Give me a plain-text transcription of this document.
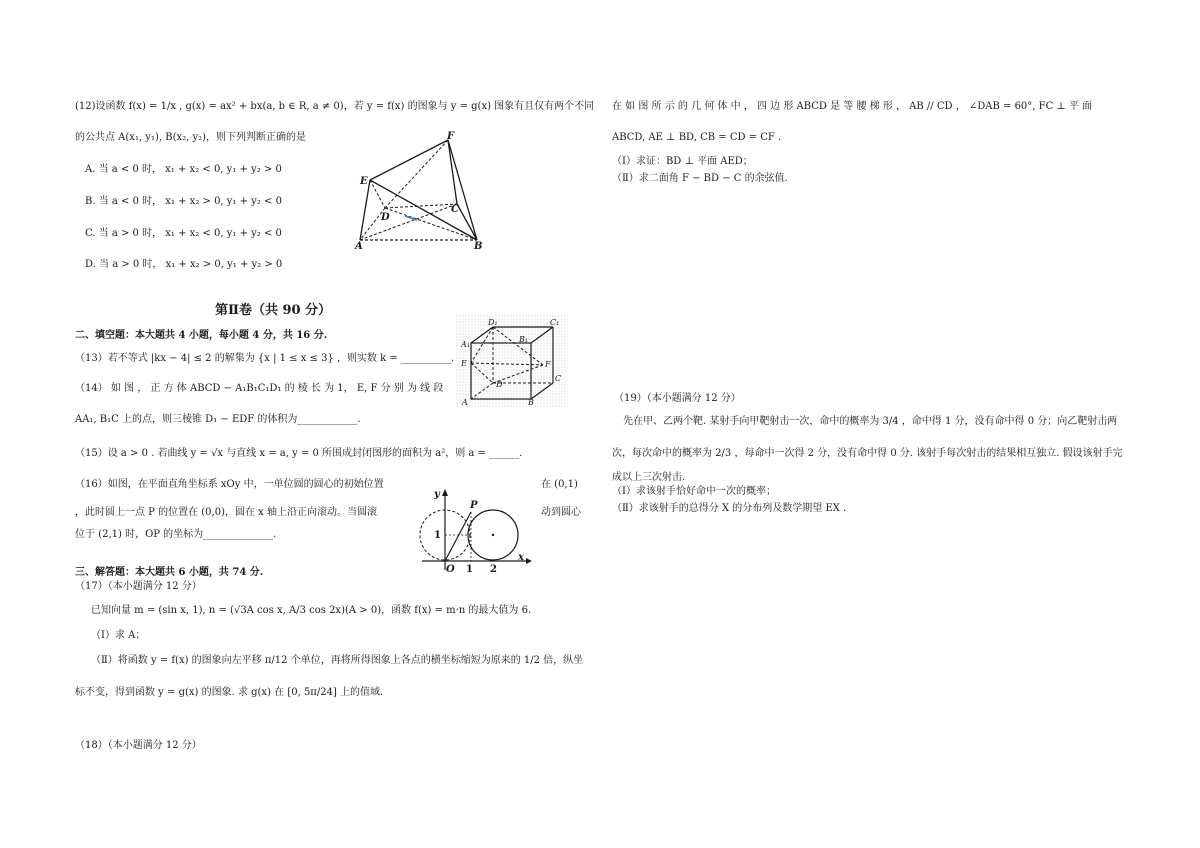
(12)设函数 f(x) = 1/x , g(x) = ax² + bx(a, b ∈ R, a ≠ 0)，若 y = f(x) 的图象与 y = g(x) 图象有且仅有两个不同
的公共点 A(x₁, y₁), B(x₂, y₂)，则下列判断正确的是
A. 当 a < 0 时， x₁ + x₂ < 0, y₁ + y₂ > 0
B. 当 a < 0 时， x₁ + x₂ > 0, y₁ + y₂ < 0
C. 当 a > 0 时， x₁ + x₂ < 0, y₁ + y₂ < 0
D. 当 a > 0 时， x₁ + x₂ > 0, y₁ + y₂ > 0
F
E
D
C
A	B
第Ⅱ卷（共 90 分）
二、填空题：本大题共 4 小题，每小题 4 分，共 16 分.
（13）若不等式 |kx − 4| ≤ 2 的解集为 {x | 1 ≤ x ≤ 3} ，则实数 k = __________.
（14） 如 图 ， 正 方 体 ABCD − A₁B₁C₁D₁ 的 棱 长 为 1， E, F 分 别 为 线 段
AA₁, B₁C 上的点，则三棱锥 D₁ − EDF 的体积为____________.
（15）设 a > 0 . 若曲线 y = √x 与直线 x = a, y = 0 所围成封闭图形的面积为 a²，则 a = ______.
（16）如图，在平面直角坐标系 xOy 中，一单位圆的圆心的初始位置	在 (0,1)
，此时圆上一点 P 的位置在 (0,0)，圆在 x 轴上沿正向滚动。当圆滚	动到圆心
位于 (2,1) 时，OP 的坐标为______________.
D₁	C₁
A₁
B₁
E	F
D
C
A	B
y
P
1
O 1 2
x
三、解答题：本大题共 6 小题，共 74 分.
（17）（本小题满分 12 分）
已知向量 m = (sin x, 1), n = (√3A cos x, A/3 cos 2x)(A > 0)，函数 f(x) = m·n 的最大值为 6.
（Ⅰ）求 A；
（Ⅱ）将函数 y = f(x) 的图象向左平移 π/12 个单位，再将所得图象上各点的横坐标缩短为原来的 1/2 倍，纵坐
标不变，得到函数 y = g(x) 的图象. 求 g(x) 在 [0, 5π/24] 上的值域.
（18）（本小题满分 12 分）
在 如 图 所 示 的 几 何 体 中 ， 四 边 形 ABCD 是 等 腰 梯 形 ， AB // CD ， ∠DAB = 60°, FC ⊥ 平 面
ABCD, AE ⊥ BD, CB = CD = CF .
（Ⅰ）求证：BD ⊥ 平面 AED；
（Ⅱ）求二面角 F − BD − C 的余弦值.
（19）（本小题满分 12 分）
先在甲、乙两个靶. 某射手向甲靶射击一次，命中的概率为 3/4 ，命中得 1 分，没有命中得 0 分；向乙靶射击两
次，每次命中的概率为 2/3 ，每命中一次得 2 分，没有命中得 0 分. 该射手每次射击的结果相互独立. 假设该射手完
成以上三次射击.
（Ⅰ）求该射手恰好命中一次的概率；
（Ⅱ）求该射手的总得分 X 的分布列及数学期望 EX .
